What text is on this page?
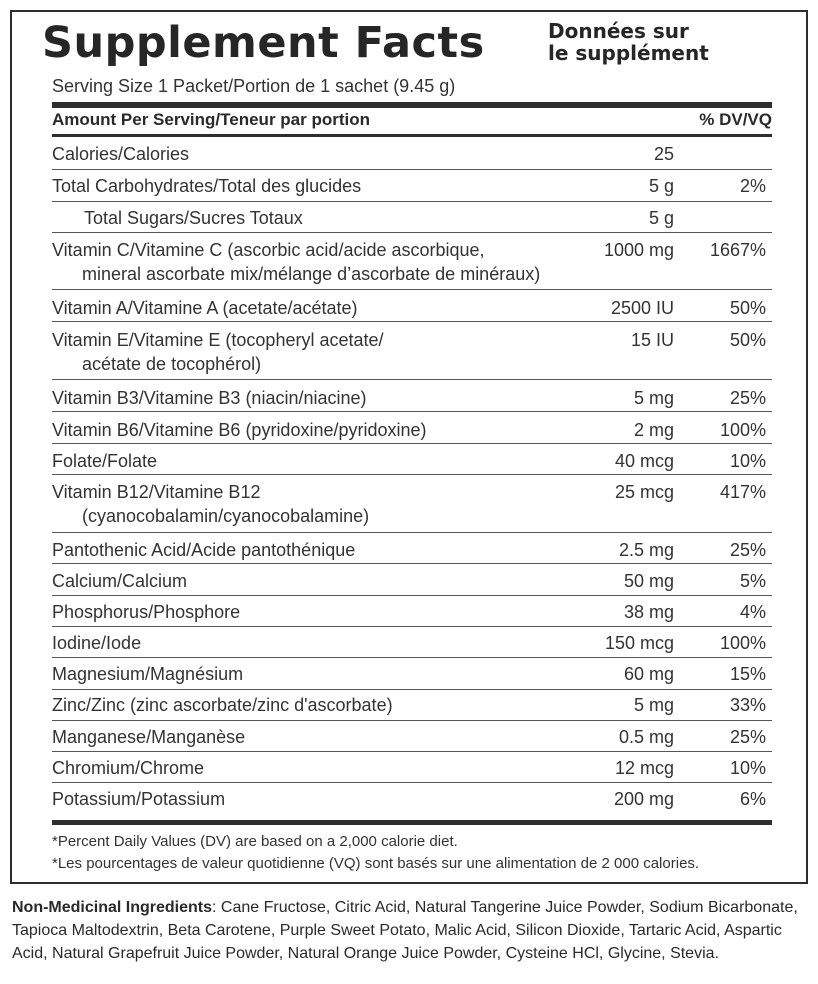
Supplement Facts	Données sur
le supplément
Serving Size 1 Packet/Portion de 1 sachet (9.45 g)
Amount Per Serving/Teneur par portion	% DV/VQ
Calories/Calories	25
Total Carbohydrates/Total des glucides	5 g	2%
Total Sugars/Sucres Totaux	5 g
Vitamin C/Vitamine C (ascorbic acid/acide ascorbique,
mineral ascorbate mix/mélange d’ascorbate de minéraux)
1000 mg 1667%
Vitamin A/Vitamine A (acetate/acétate)	2500 IU	50%
Vitamin E/Vitamine E (tocopheryl acetate/
acétate de tocophérol)
15 IU	50%
Vitamin B3/Vitamine B3 (niacin/niacine)	5 mg	25%
Vitamin B6/Vitamine B6 (pyridoxine/pyridoxine)	2 mg	100%
Folate/Folate	40 mcg	10%
Vitamin B12/Vitamine B12
(cyanocobalamin/cyanocobalamine)
25 mcg	417%
Pantothenic Acid/Acide pantothénique	2.5 mg	25%
Calcium/Calcium	50 mg	5%
Phosphorus/Phosphore	38 mg	4%
Iodine/Iode	150 mcg	100%
Magnesium/Magnésium	60 mg	15%
Zinc/Zinc (zinc ascorbate/zinc d'ascorbate)	5 mg	33%
Manganese/Manganèse	0.5 mg	25%
Chromium/Chrome	12 mcg	10%
Potassium/Potassium	200 mg	6%
*Percent Daily Values (DV) are based on a 2,000 calorie diet.
*Les pourcentages de valeur quotidienne (VQ) sont basés sur une alimentation de 2 000 calories.
Non-Medicinal Ingredients: Cane Fructose, Citric Acid, Natural Tangerine Juice Powder, Sodium Bicarbonate, Tapioca Maltodextrin, Beta Carotene, Purple Sweet Potato, Malic Acid, Silicon Dioxide, Tartaric Acid, Aspartic Acid, Natural Grapefruit Juice Powder, Natural Orange Juice Powder, Cysteine HCl, Glycine, Stevia.
